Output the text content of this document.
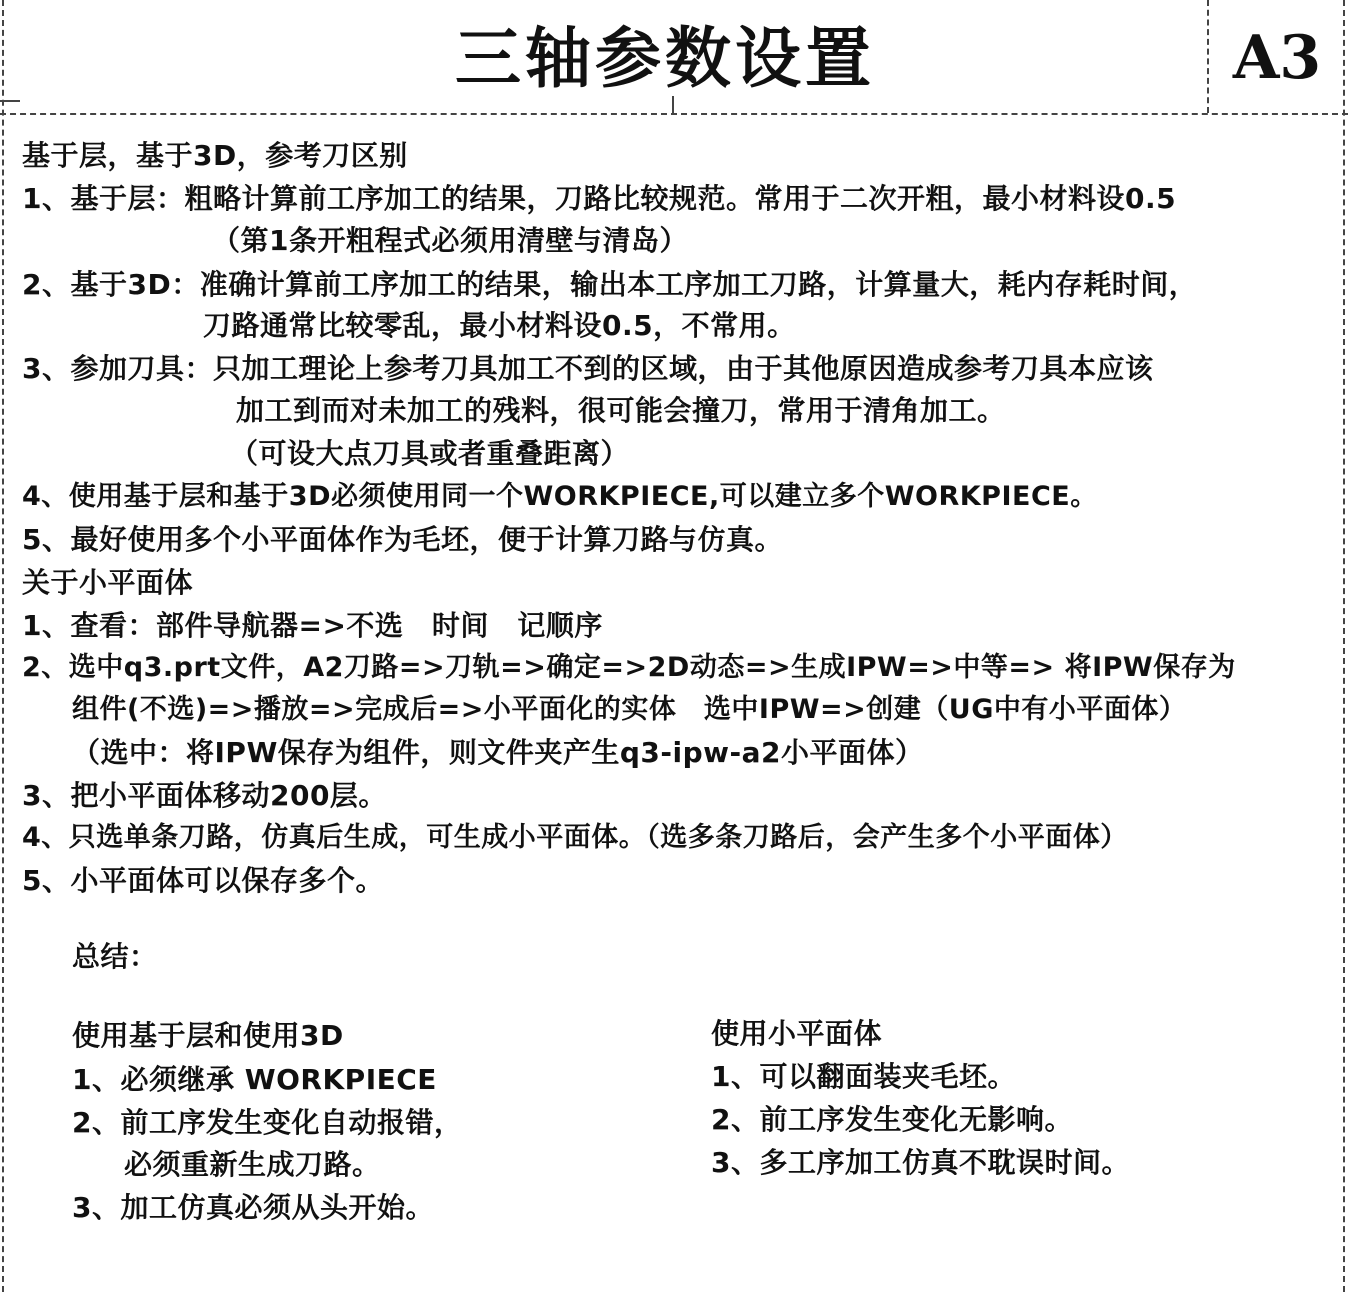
三轴参数设置	A3
基于层，基于3D，参考刀区别
1、基于层：粗略计算前工序加工的结果，刀路比较规范。常用于二次开粗，最小材料设0.5
（第1条开粗程式必须用清壁与清岛）
2、基于3D：准确计算前工序加工的结果，输出本工序加工刀路，计算量大，耗内存耗时间，
刀路通常比较零乱，最小材料设0.5，不常用。
3、参加刀具：只加工理论上参考刀具加工不到的区域，由于其他原因造成参考刀具本应该
加工到而对未加工的残料，很可能会撞刀，常用于清角加工。
（可设大点刀具或者重叠距离）
4、使用基于层和基于3D必须使用同一个WORKPIECE,可以建立多个WORKPIECE。
5、最好使用多个小平面体作为毛坯，便于计算刀路与仿真。
关于小平面体
1、查看：部件导航器=>不选　时间　记顺序
2、选中q3.prt文件，A2刀路=>刀轨=>确定=>2D动态=>生成IPW=>中等=> 将IPW保存为
组件(不选)=>播放=>完成后=>小平面化的实体　选中IPW=>创建（UG中有小平面体）
（选中：将IPW保存为组件，则文件夹产生q3-ipw-a2小平面体）
3、把小平面体移动200层。
4、只选单条刀路，仿真后生成，可生成小平面体。（选多条刀路后，会产生多个小平面体）
5、小平面体可以保存多个。
总结：
使用基于层和使用3D
1、必须继承 WORKPIECE
2、前工序发生变化自动报错，
必须重新生成刀路。
3、加工仿真必须从头开始。
使用小平面体
1、可以翻面装夹毛坯。
2、前工序发生变化无影响。
3、多工序加工仿真不耽误时间。
